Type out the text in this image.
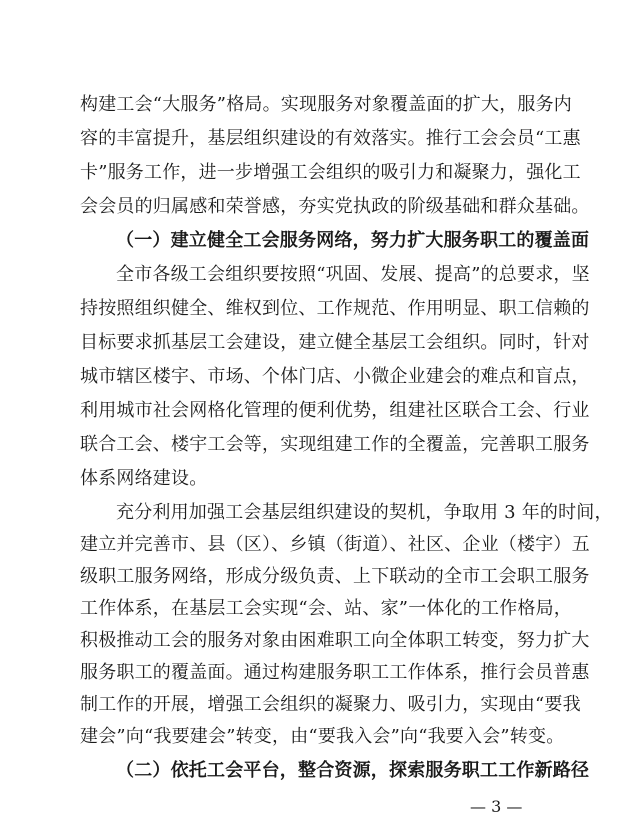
构建工会“大服务”格局。实现服务对象覆盖面的扩大，服务内
容的丰富提升，基层组织建设的有效落实。推行工会会员“工惠
卡”服务工作，进一步增强工会组织的吸引力和凝聚力，强化工
会会员的归属感和荣誉感，夯实党执政的阶级基础和群众基础。
（一）建立健全工会服务网络，努力扩大服务职工的覆盖面
全市各级工会组织要按照“巩固、发展、提高”的总要求，坚
持按照组织健全、维权到位、工作规范、作用明显、职工信赖的
目标要求抓基层工会建设，建立健全基层工会组织。同时，针对
城市辖区楼宇、市场、个体门店、小微企业建会的难点和盲点，
利用城市社会网格化管理的便利优势，组建社区联合工会、行业
联合工会、楼宇工会等，实现组建工作的全覆盖，完善职工服务
体系网络建设。
充分利用加强工会基层组织建设的契机，争取用 3 年的时间，
建立并完善市、县（区）、乡镇（街道）、社区、企业（楼宇）五
级职工服务网络，形成分级负责、上下联动的全市工会职工服务
工作体系，在基层工会实现“会、站、家”一体化的工作格局，
积极推动工会的服务对象由困难职工向全体职工转变，努力扩大
服务职工的覆盖面。通过构建服务职工工作体系，推行会员普惠
制工作的开展，增强工会组织的凝聚力、吸引力，实现由“要我
建会”向“我要建会”转变，由“要我入会”向“我要入会”转变。
（二）依托工会平台，整合资源，探索服务职工工作新路径
— 3 —
